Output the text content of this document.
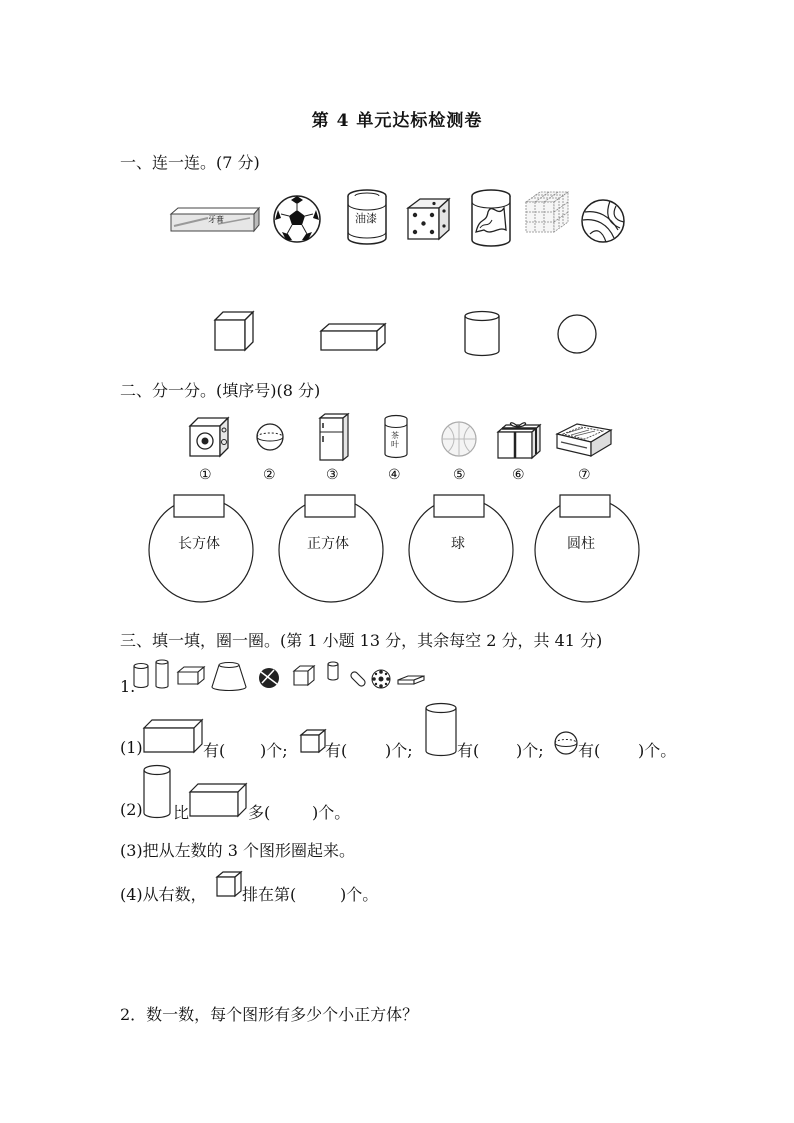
第 4 单元达标检测卷
一、连一连。(7 分)
牙膏	油漆
二、分一分。(填序号)(8 分)
茶叶
①	②	③	④	⑤	⑥	⑦
长方体	正方体	球	圆柱
三、填一填，圈一圈。(第 1 小题 13 分，其余每空 2 分，共 41 分)
1.
(1)	有( )个; 有( )个;	有( )个; 有( )个。
(2) 比	多(	)个。
(3)把从左数的 3 个图形圈起来。
(4)从右数， 排在第(	)个。
2．数一数，每个图形有多少个小正方体？
